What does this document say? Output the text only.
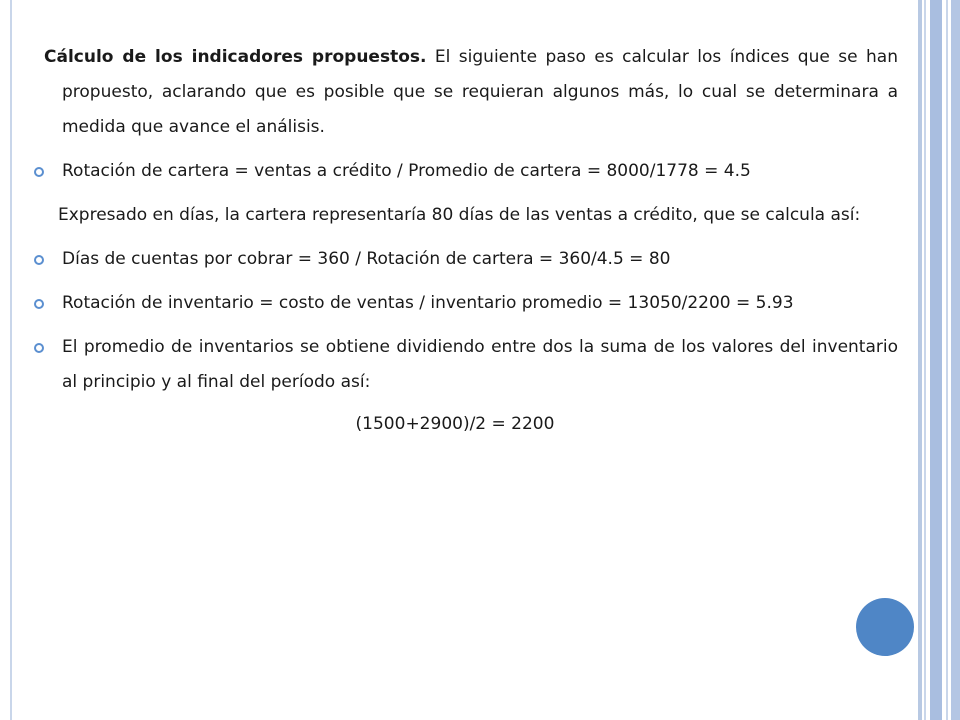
Cálculo de los indicadores propuestos. El siguiente paso es calcular los índices que se han propuesto, aclarando que es posible que se requieran algunos más, lo cual se determinara a medida que avance el análisis.

Rotación de cartera = ventas a crédito / Promedio de cartera = 8000/1778 = 4.5

Expresado en días, la cartera representaría 80 días de las ventas a crédito, que se calcula así:

Días de cuentas por cobrar = 360 / Rotación de cartera = 360/4.5 = 80
Rotación de inventario = costo de ventas / inventario promedio = 13050/2200 = 5.93
El promedio de inventarios se obtiene dividiendo entre dos la suma de los valores del inventario al principio y al final del período así:
(1500+2900)/2 = 2200
